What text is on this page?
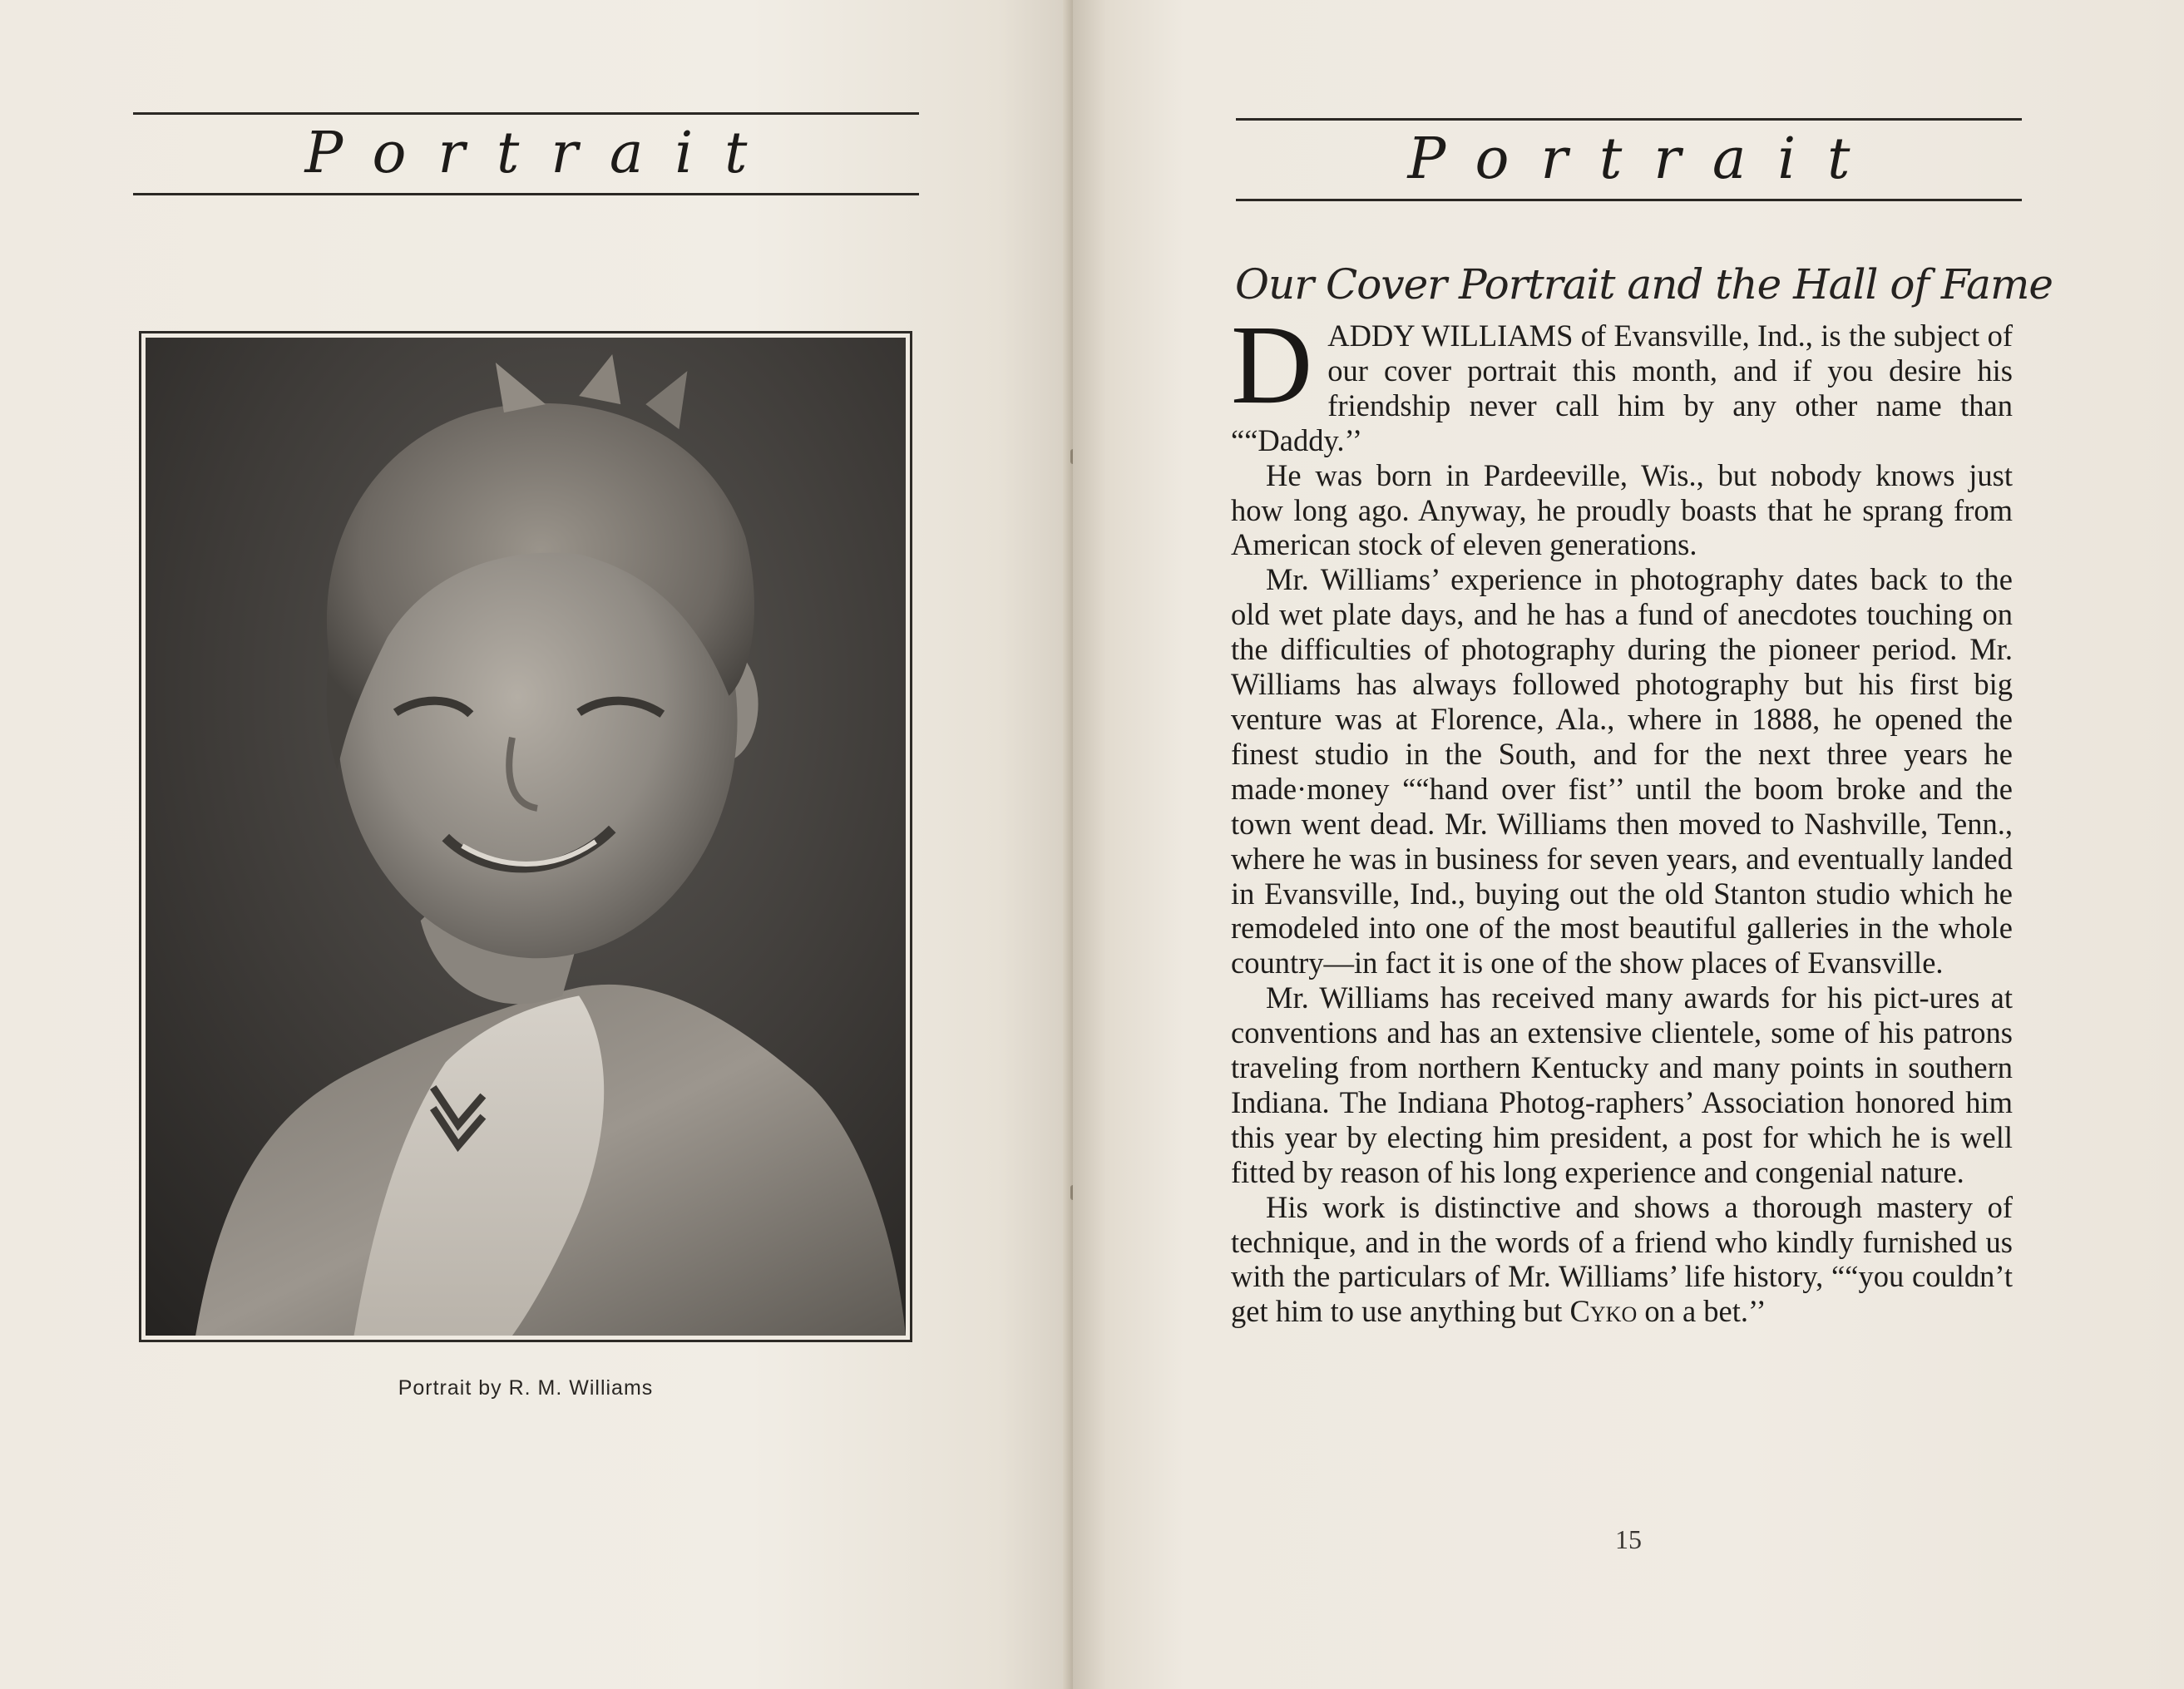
Portrait
Portrait by R. M. Williams
Portrait
Our Cover Portrait and the Hall of Fame

DADDY WILLIAMS of Evansville, Ind., is the subject of our cover portrait this month, and if you desire his friendship never call him by any other name than ““Daddy.’’

He was born in Pardeeville, Wis., but nobody knows just how long ago. Anyway, he proudly boasts that he sprang from American stock of eleven generations.

Mr. Williams’ experience in photography dates back to the old wet plate days, and he has a fund of anecdotes touching on the difficulties of photography during the pioneer period. Mr. Williams has always followed photography but his first big venture was at Florence, Ala., where in 1888, he opened the finest studio in the South, and for the next three years he made·money ““hand over fist’’ until the boom broke and the town went dead. Mr. Williams then moved to Nashville, Tenn., where he was in business for seven years, and eventually landed in Evansville, Ind., buying out the old Stanton studio which he remodeled into one of the most beautiful galleries in the whole country—in fact it is one of the show places of Evansville.

Mr. Williams has received many awards for his pict-ures at conventions and has an extensive clientele, some of his patrons traveling from northern Kentucky and many points in southern Indiana. The Indiana Photog-raphers’ Association honored him this year by electing him president, a post for which he is well fitted by reason of his long experience and congenial nature.

His work is distinctive and shows a thorough mastery of technique, and in the words of a friend who kindly furnished us with the particulars of Mr. Williams’ life history, ““you couldn’t get him to use anything but Cyko on a bet.’’

15
